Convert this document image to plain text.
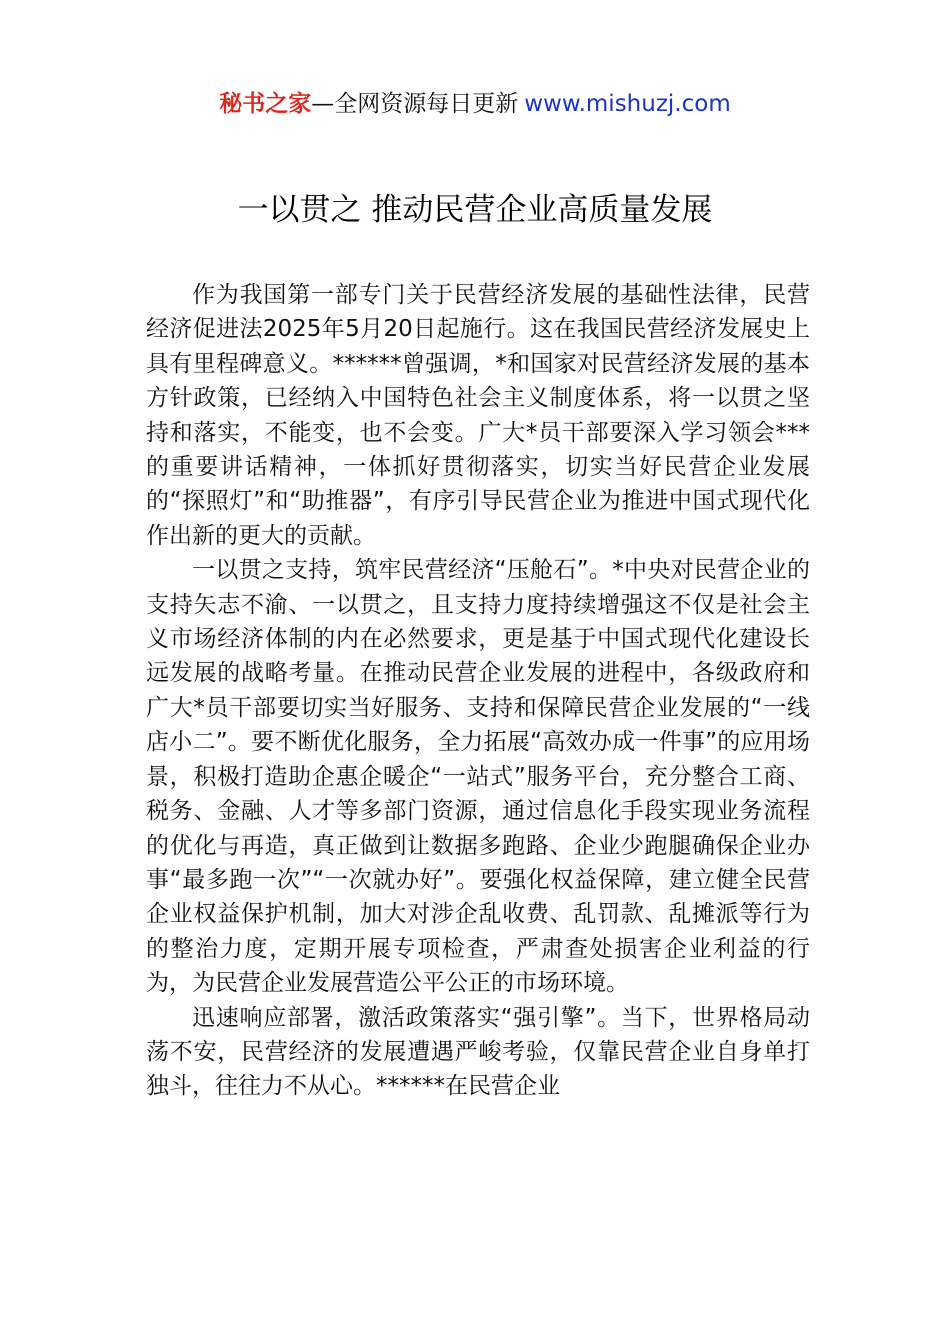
秘书之家—全网资源每日更新 www.mishuzj.com
一以贯之 推动民营企业高质量发展

作为我国第一部专门关于民营经济发展的基础性法律，民营经济促进法2025年5月20日起施行。这在我国民营经济发展史上具有里程碑意义。******曾强调，*和国家对民营经济发展的基本方针政策，已经纳入中国特色社会主义制度体系，将一以贯之坚持和落实，不能变，也不会变。广大*员干部要深入学习领会***的重要讲话精神，一体抓好贯彻落实，切实当好民营企业发展的“探照灯”和“助推器”，有序引导民营企业为推进中国式现代化作出新的更大的贡献。

一以贯之支持，筑牢民营经济“压舱石”。*中央对民营企业的支持矢志不渝、一以贯之，且支持力度持续增强这不仅是社会主义市场经济体制的内在必然要求，更是基于中国式现代化建设长远发展的战略考量。在推动民营企业发展的进程中，各级政府和广大*员干部要切实当好服务、支持和保障民营企业发展的“一线店小二”。要不断优化服务，全力拓展“高效办成一件事”的应用场景，积极打造助企惠企暖企“一站式”服务平台，充分整合工商、税务、金融、人才等多部门资源，通过信息化手段实现业务流程的优化与再造，真正做到让数据多跑路、企业少跑腿确保企业办事“最多跑一次”“一次就办好”。要强化权益保障，建立健全民营企业权益保护机制，加大对涉企乱收费、乱罚款、乱摊派等行为的整治力度，定期开展专项检查，严肃查处损害企业利益的行为，为民营企业发展营造公平公正的市场环境。

迅速响应部署，激活政策落实“强引擎”。当下，世界格局动荡不安，民营经济的发展遭遇严峻考验，仅靠民营企业自身单打独斗，往往力不从心。******在民营企业
